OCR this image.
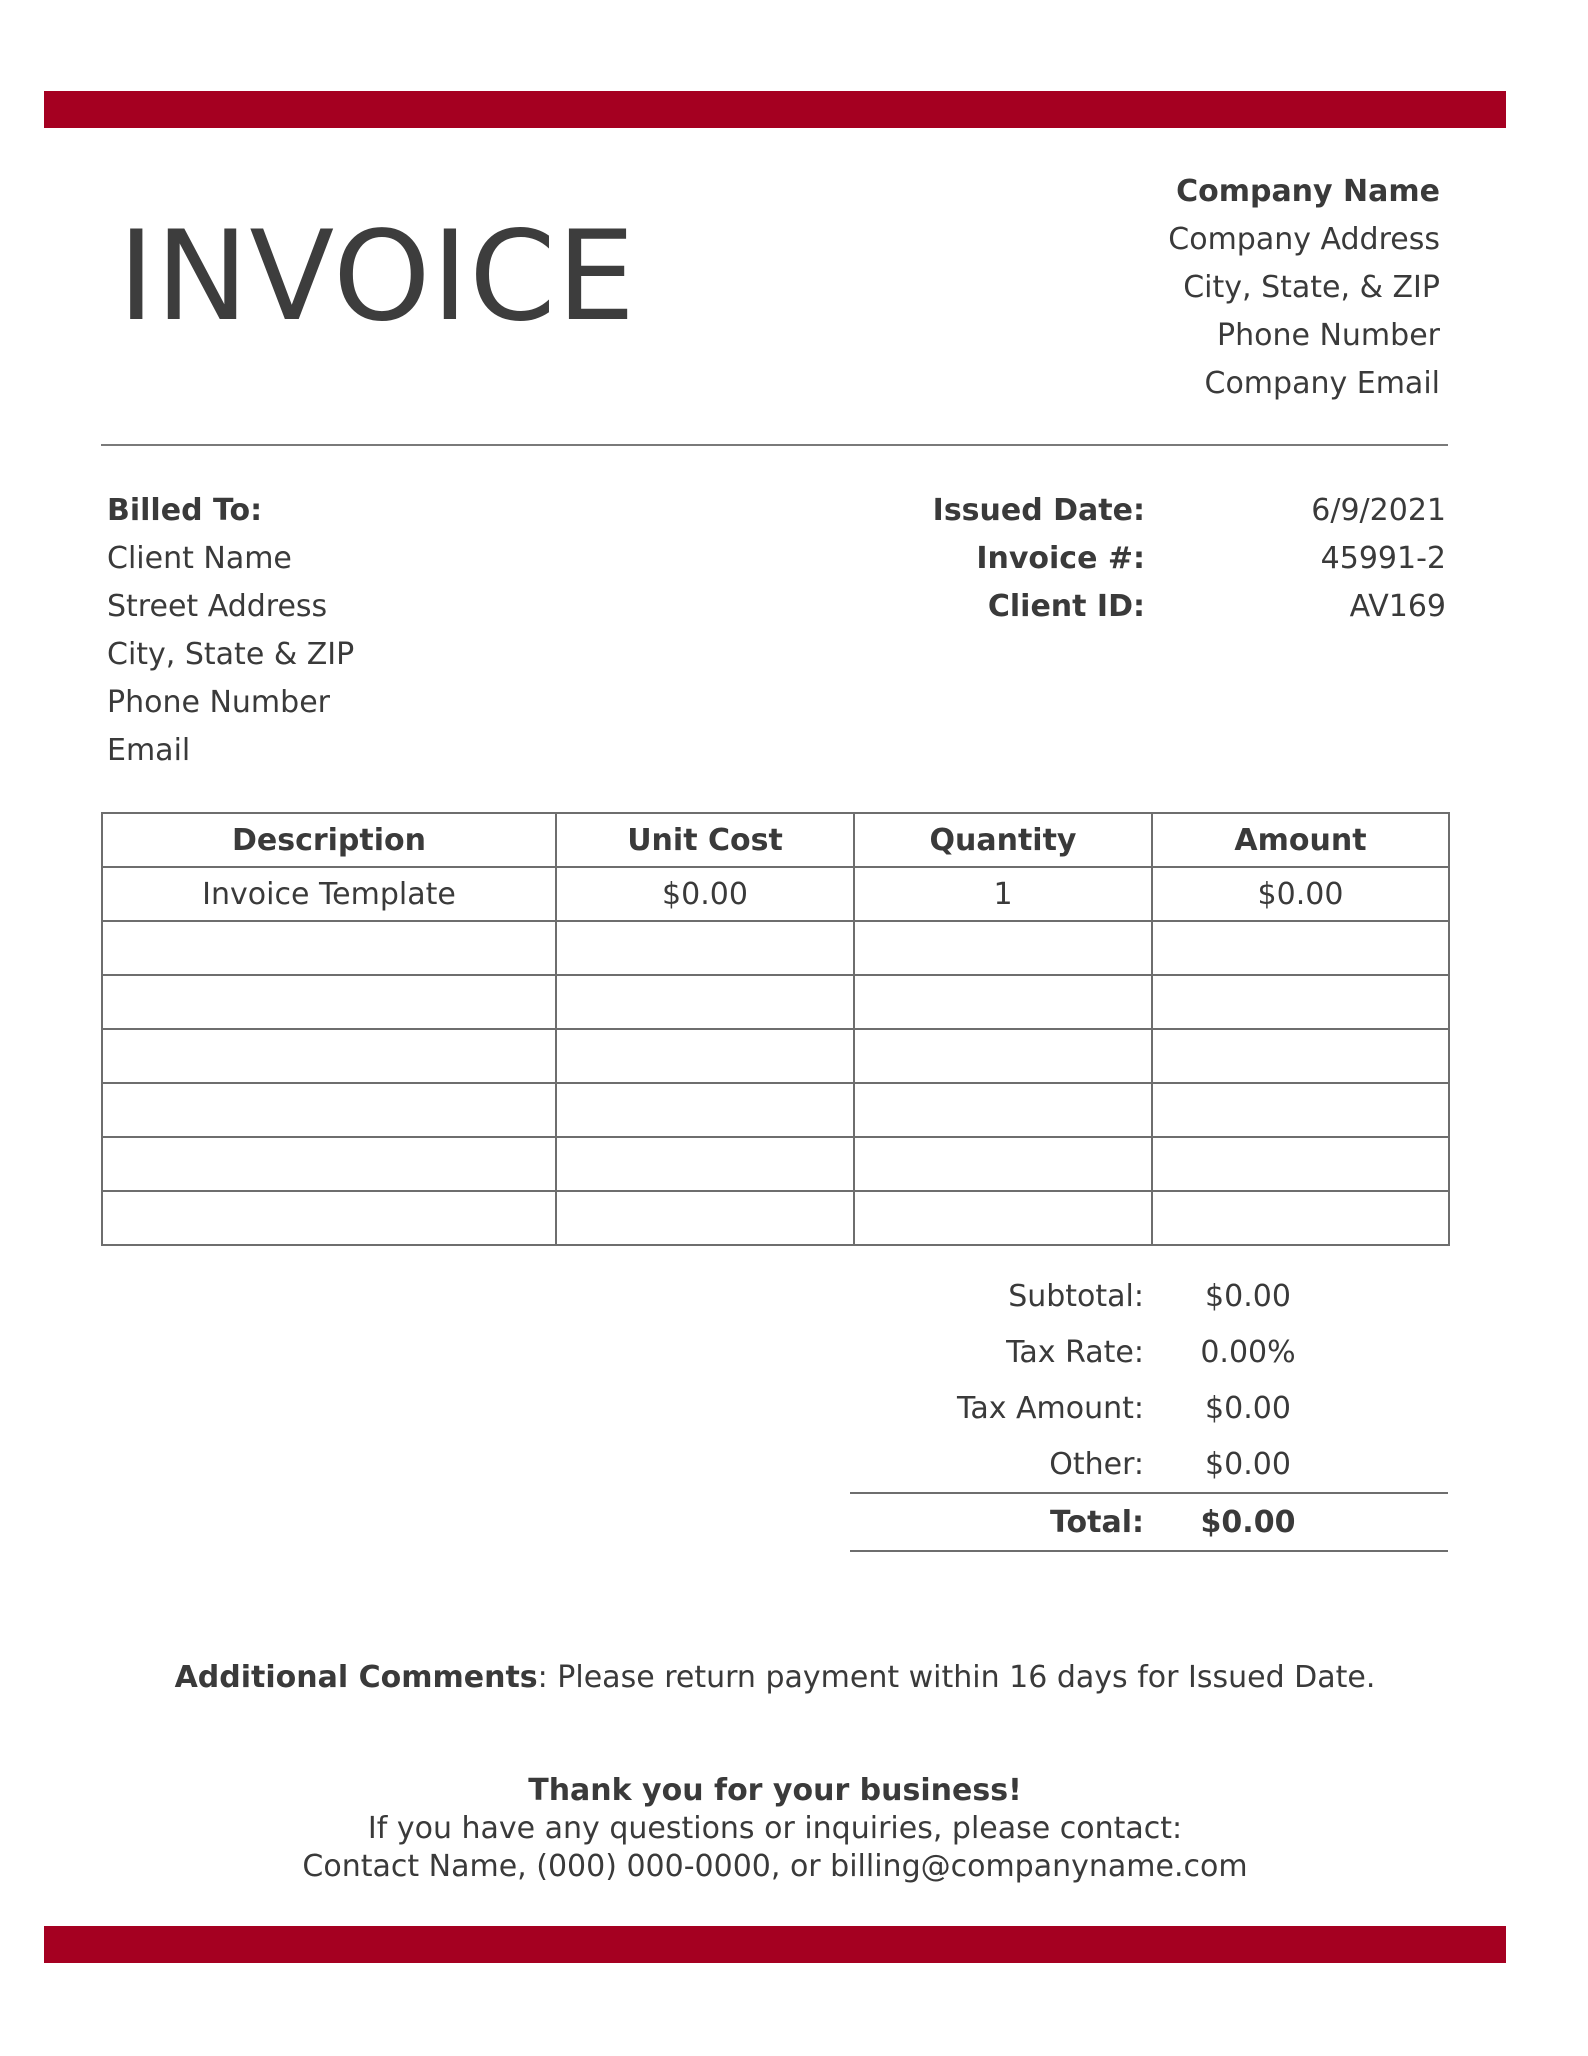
INVOICE
Company Name
Company Address
City, State, & ZIP
Phone Number
Company Email
Billed To:
Client Name
Street Address
City, State & ZIP
Phone Number
Email
Issued Date:	6/9/2021
Invoice #:	45991-2
Client ID:	AV169
Description	Unit Cost	Quantity	Amount
Invoice Template	$0.00	1	$0.00

Subtotal:	$0.00
Tax Rate:	0.00%
Tax Amount:	$0.00
Other:	$0.00
Total:	$0.00
Additional Comments: Please return payment within 16 days for Issued Date.
Thank you for your business!
If you have any questions or inquiries, please contact:
Contact Name, (000) 000-0000, or billing@companyname.com
